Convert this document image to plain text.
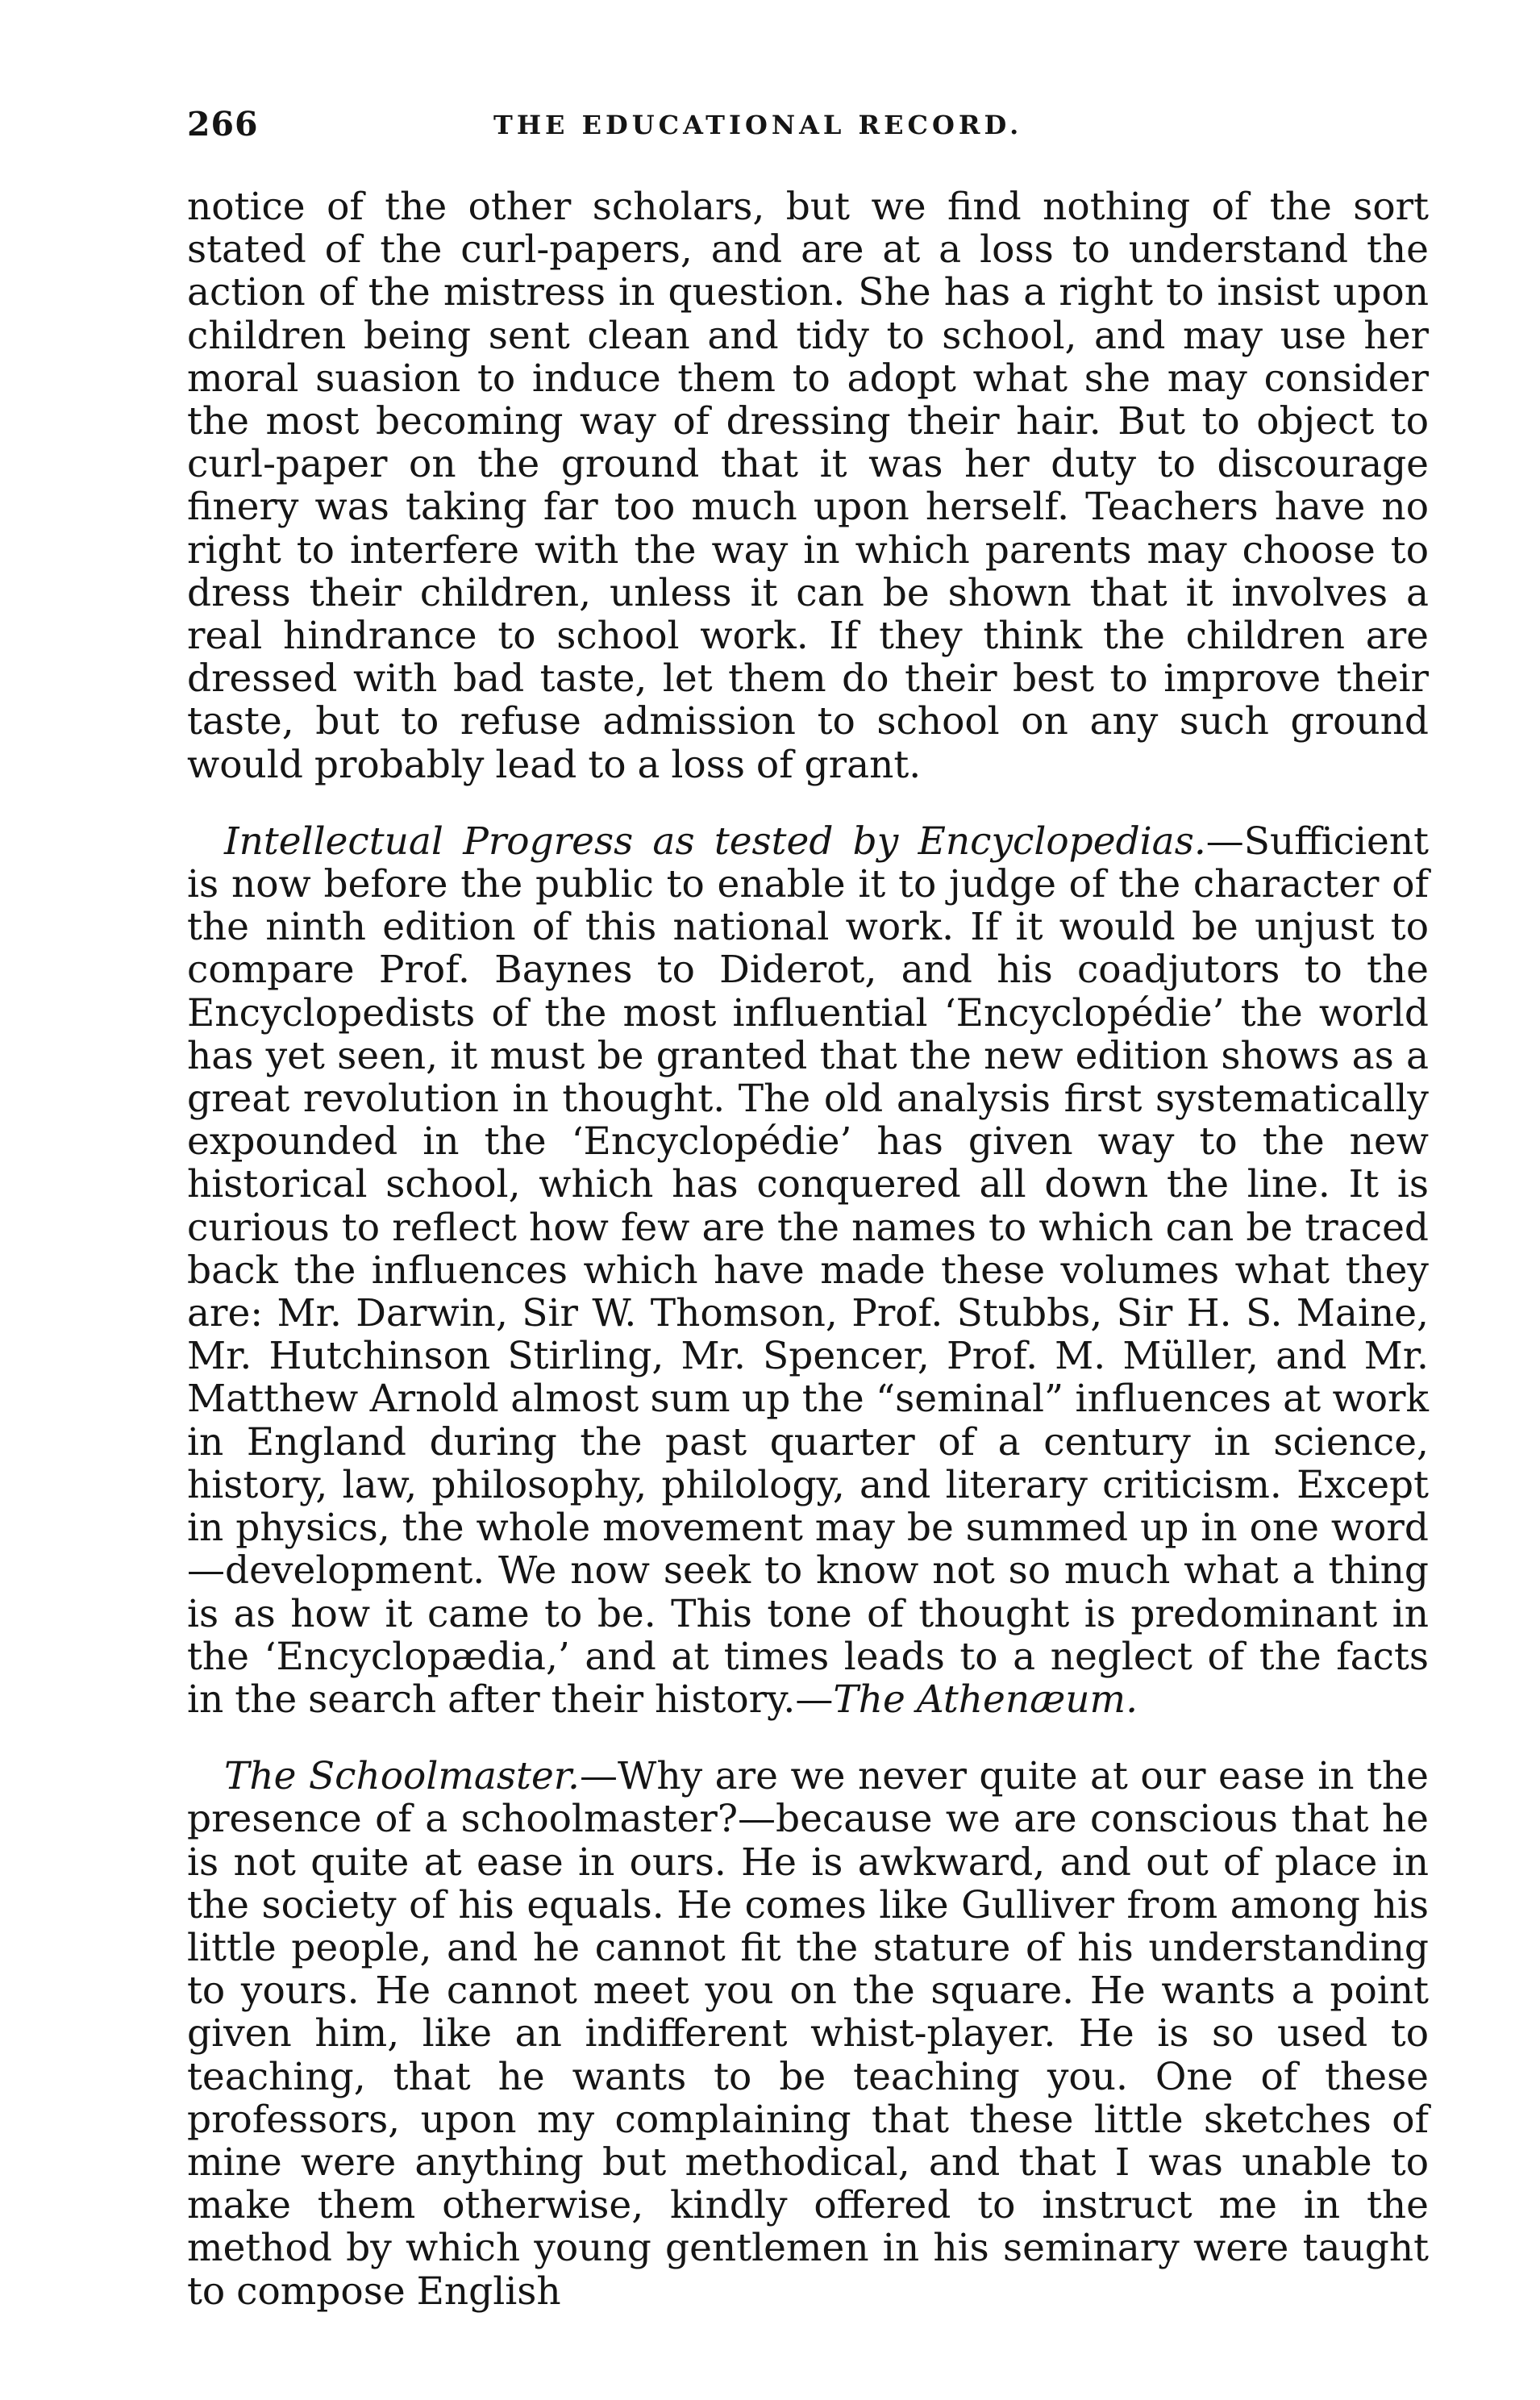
266	THE EDUCATIONAL RECORD.

notice of the other scholars, but we find nothing of the sort stated of the curl-papers, and are at a loss to understand the action of the mistress in question. She has a right to insist upon children being sent clean and tidy to school, and may use her moral suasion to induce them to adopt what she may consider the most becoming way of dressing their hair. But to object to curl-paper on the ground that it was her duty to discourage finery was taking far too much upon herself. Teachers have no right to interfere with the way in which parents may choose to dress their children, unless it can be shown that it involves a real hindrance to school work. If they think the children are dressed with bad taste, let them do their best to improve their taste, but to refuse admission to school on any such ground would probably lead to a loss of grant.

Intellectual Progress as tested by Encyclopedias.—Sufficient is now before the public to enable it to judge of the character of the ninth edition of this national work. If it would be unjust to compare Prof. Baynes to Diderot, and his coadjutors to the Encyclopedists of the most influential ‘Encyclopédie’ the world has yet seen, it must be granted that the new edition shows as a great revolution in thought. The old analysis first systematically expounded in the ‘Encyclopédie’ has given way to the new historical school, which has conquered all down the line. It is curious to reflect how few are the names to which can be traced back the influences which have made these volumes what they are: Mr. Darwin, Sir W. Thomson, Prof. Stubbs, Sir H. S. Maine, Mr. Hutchinson Stirling, Mr. Spencer, Prof. M. Müller, and Mr. Matthew Arnold almost sum up the “seminal” influences at work in England during the past quarter of a century in science, history, law, philosophy, philology, and literary criticism. Except in physics, the whole movement may be summed up in one word—development. We now seek to know not so much what a thing is as how it came to be. This tone of thought is predominant in the ‘Encyclopædia,’ and at times leads to a neglect of the facts in the search after their history.—The Athenæum.

The Schoolmaster.—Why are we never quite at our ease in the presence of a schoolmaster?—because we are conscious that he is not quite at ease in ours. He is awkward, and out of place in the society of his equals. He comes like Gulliver from among his little people, and he cannot fit the stature of his understanding to yours. He cannot meet you on the square. He wants a point given him, like an indifferent whist-player. He is so used to teaching, that he wants to be teaching you. One of these professors, upon my complaining that these little sketches of mine were anything but methodical, and that I was unable to make them otherwise, kindly offered to instruct me in the method by which young gentlemen in his seminary were taught to compose English
